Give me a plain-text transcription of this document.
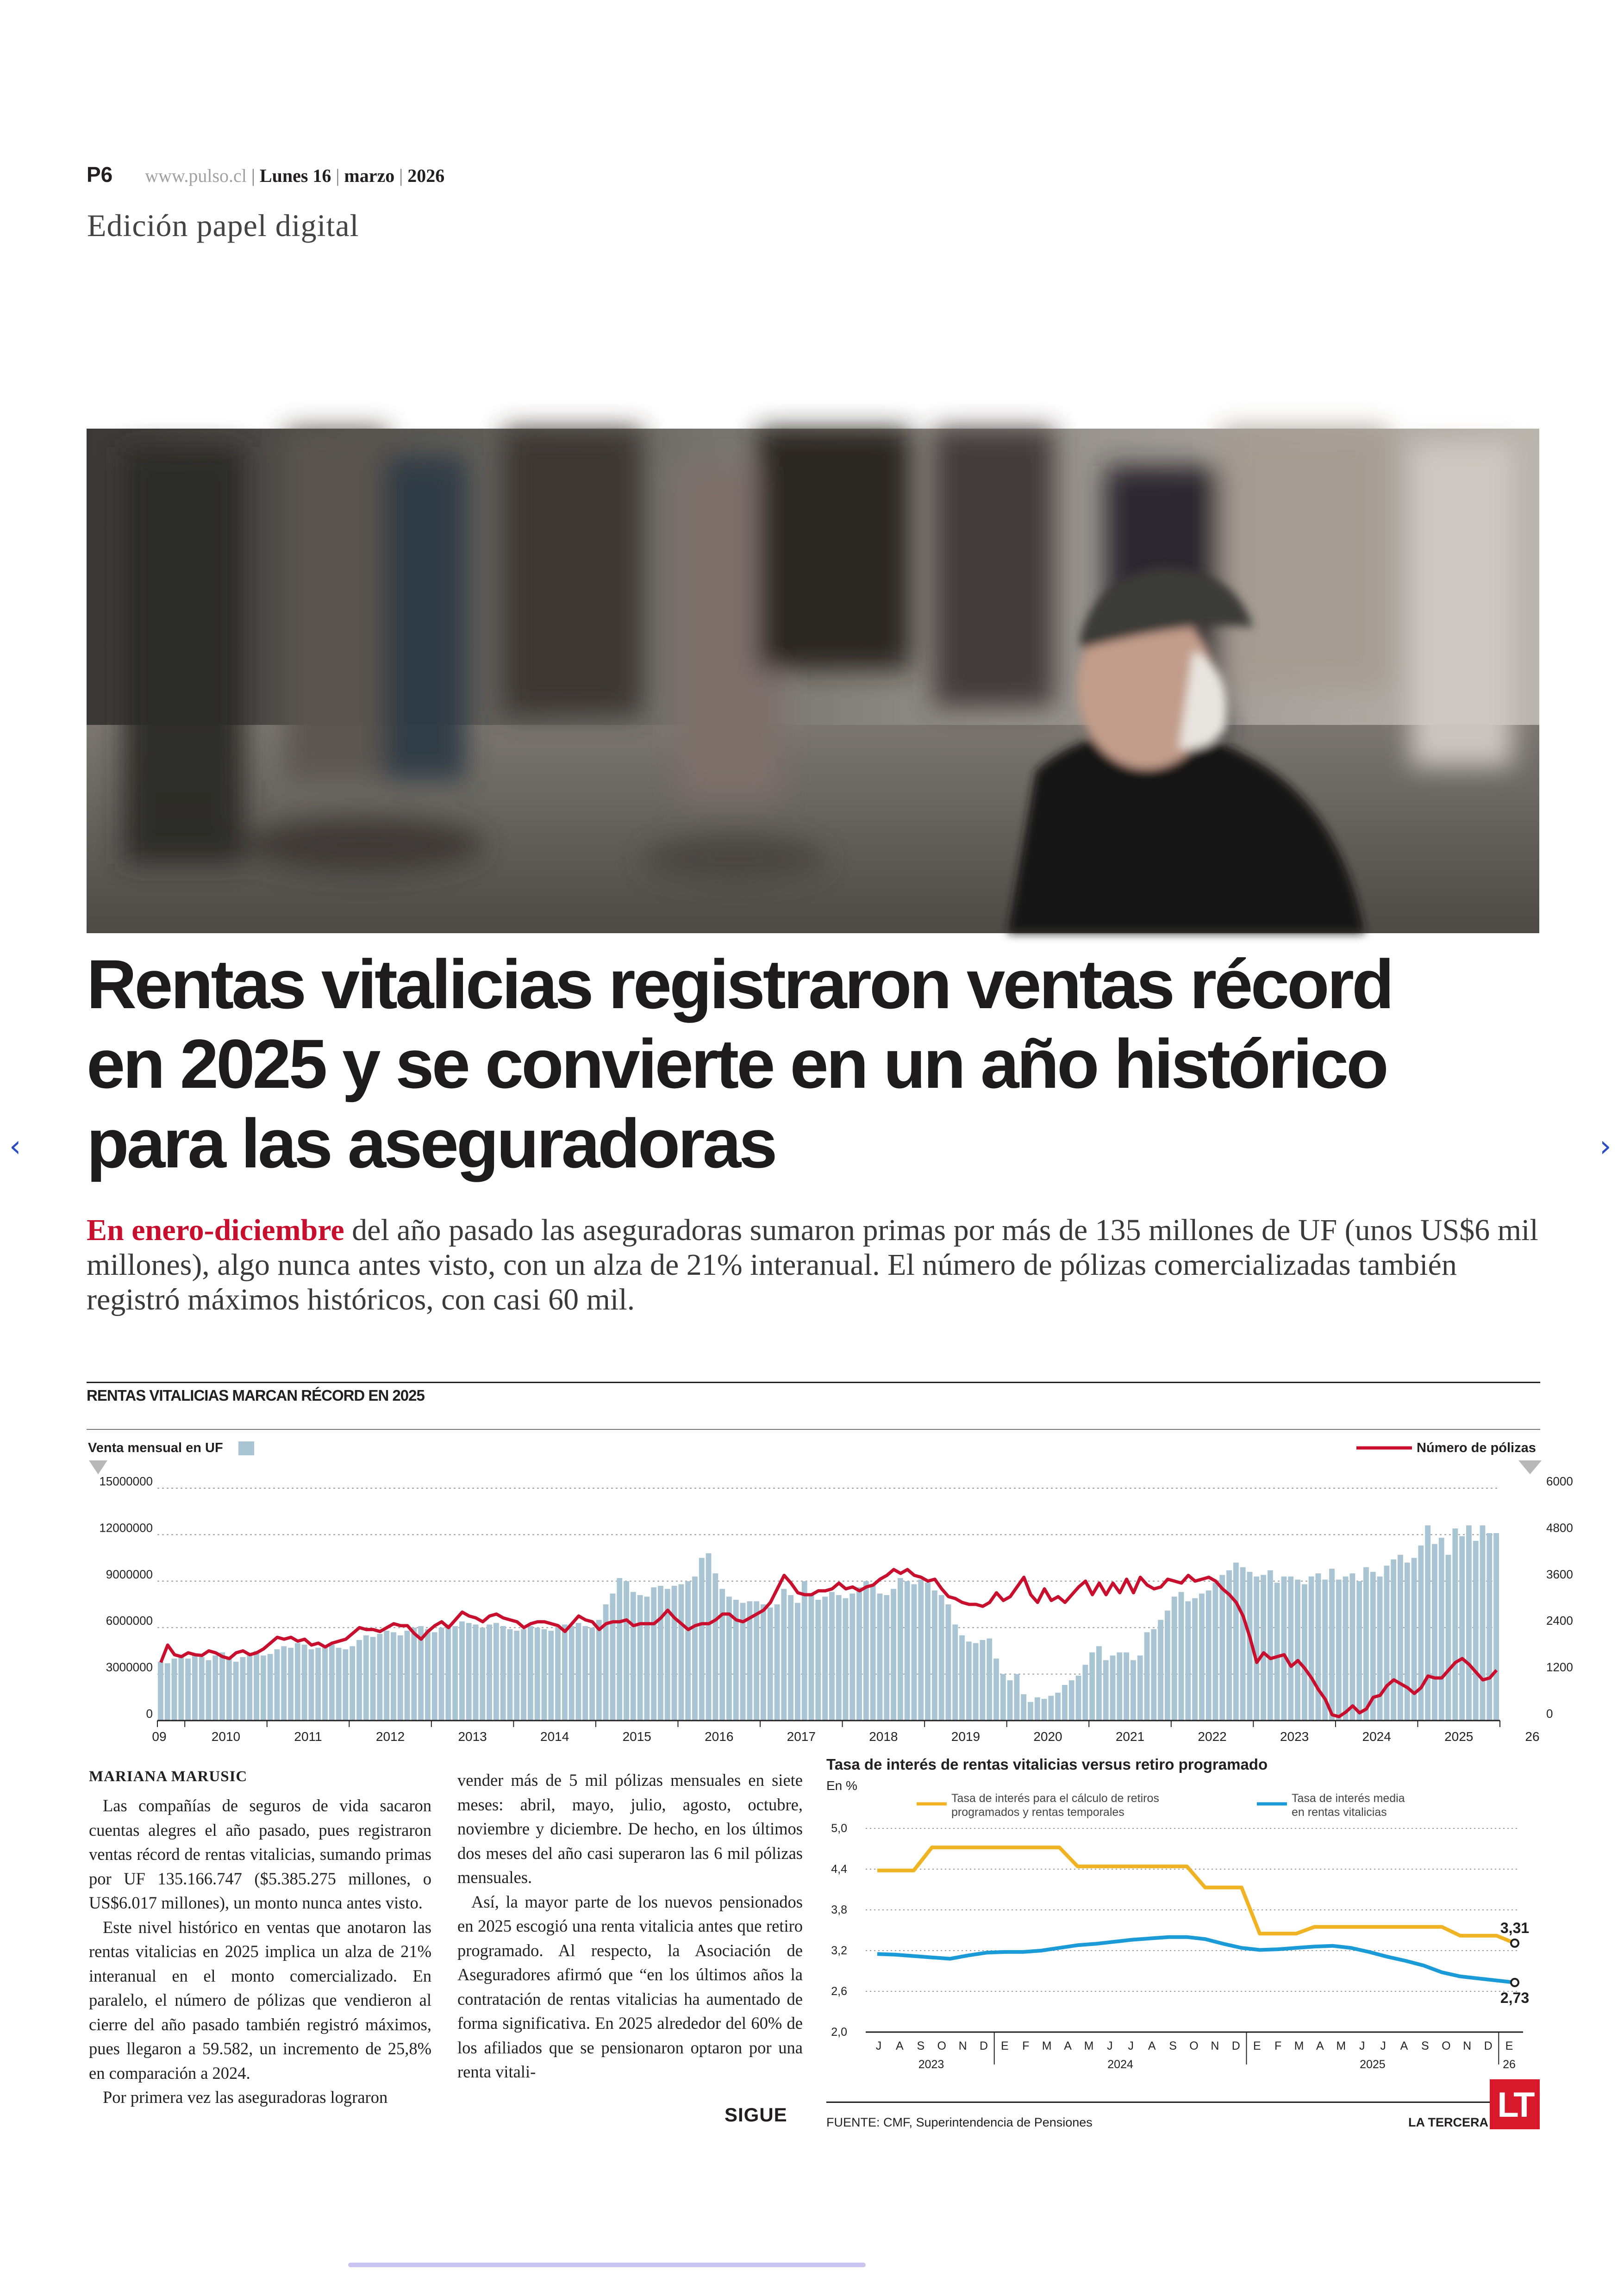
P6 www.pulso.cl | Lunes 16 | marzo | 2026
Edición papel digital
Rentas vitalicias registraron ventas récord
en 2025 y se convierte en un año histórico
para las aseguradoras
En enero-diciembre del año pasado las aseguradoras sumaron primas por más de 135 millones de UF (unos US$6 mil millones), algo nunca antes visto, con un alza de 21% interanual. El número de pólizas comercializadas también registró máximos históricos, con casi 60 mil.
‹	›
RENTAS VITALICIAS MARCAN RÉCORD EN 2025
0
3000000
6000000
9000000
12000000
15000000
0
1200
2400
3600
4800
6000
09	2010	2011	2012	2013	2014	2015	2016	2017	2018	2019	2020	2021	2022	2023	2024	2025	26
Venta mensual en UF	Número de pólizas
MARIANA MARUSIC

Las compañías de seguros de vida sacaron cuentas alegres el año pasado, pues registraron ventas récord de rentas vitalicias, sumando primas por UF 135.166.747 ($5.385.275 millones, o US$6.017 millones), un monto nunca antes visto.

Este nivel histórico en ventas que anotaron las rentas vitalicias en 2025 implica un alza de 21% interanual en el monto comercializado. En paralelo, el número de pólizas que vendieron al cierre del año pasado también registró máximos, pues llegaron a 59.582, un incremento de 25,8% en comparación a 2024.

Por primera vez las aseguradoras lograron

vender más de 5 mil pólizas mensuales en siete meses: abril, mayo, julio, agosto, octubre, noviembre y diciembre. De hecho, en los últimos dos meses del año casi superaron las 6 mil pólizas mensuales.

Así, la mayor parte de los nuevos pensionados en 2025 escogió una renta vitalicia antes que retiro programado. Al respecto, la Asociación de Aseguradores afirmó que “en los últimos años la contratación de rentas vitalicias ha aumentado de forma significativa. En 2025 alrededor del 60% de los afiliados que se pensionaron optaron por una renta vitali-

SIGUE
Tasa de interés de rentas vitalicias versus retiro programado
En %
Tasa de interés para el cálculo de retiros programados y rentas temporales
Tasa de interés media en rentas vitalicias
3,31
2,73
2,0
2,6
3,2
3,8
4,4
5,0
J A S O N D E F M A M J J A S O N D E F M A M J J A S O N D E
2023	2024	2025	26
FUENTE: CMF, Superintendencia de Pensiones	LA TERCERA LT
